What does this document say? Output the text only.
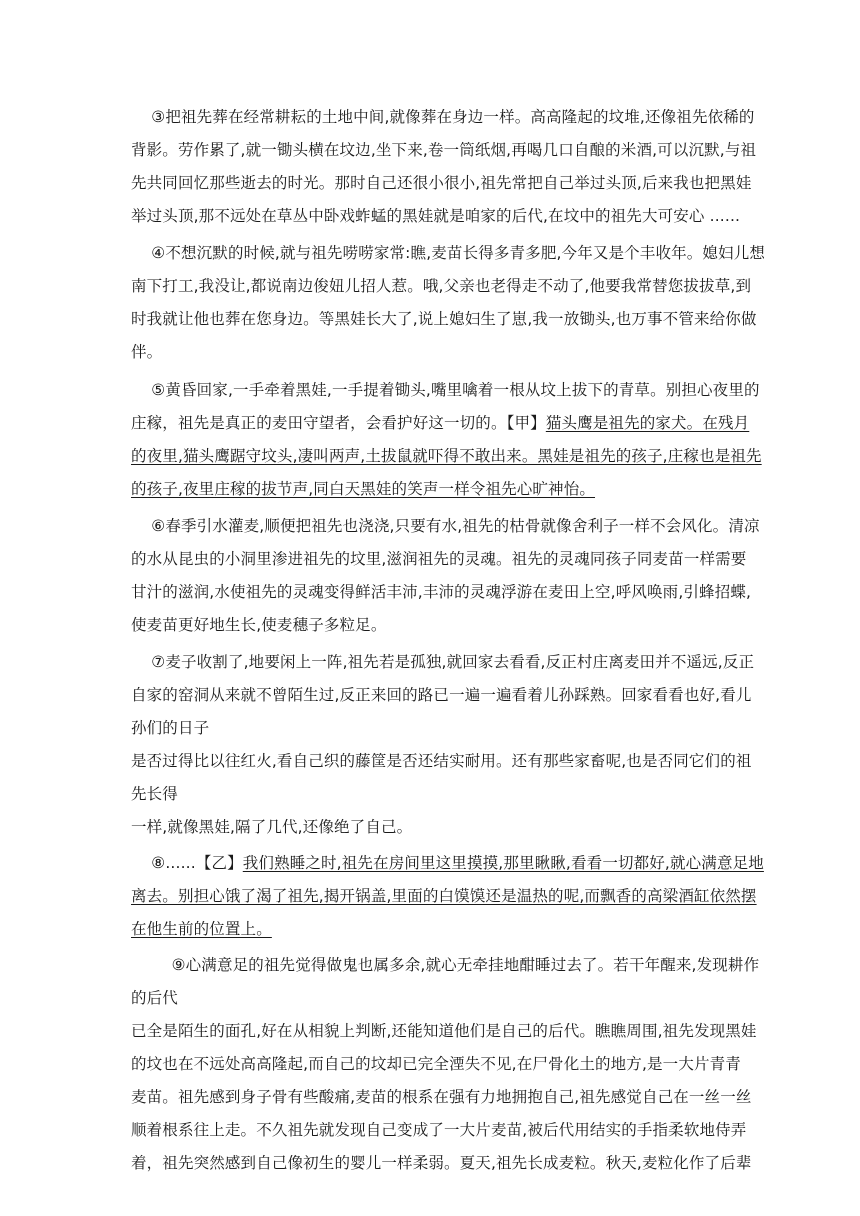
③把祖先葬在经常耕耘的土地中间,就像葬在身边一样。高高隆起的坟堆,还像祖先依稀的

背影。劳作累了,就一锄头横在坟边,坐下来,卷一筒纸烟,再喝几口自酿的米酒,可以沉默,与祖

先共同回忆那些逝去的时光。那时自己还很小很小,祖先常把自己举过头顶,后来我也把黑娃

举过头顶,那不远处在草丛中卧戏蚱蜢的黑娃就是咱家的后代,在坟中的祖先大可安心 ......

④不想沉默的时候,就与祖先唠唠家常:瞧,麦苗长得多青多肥,今年又是个丰收年。媳妇儿想

南下打工,我没让,都说南边俊妞儿招人惹。哦,父亲也老得走不动了,他要我常替您拔拔草,到

时我就让他也葬在您身边。等黑娃长大了,说上媳妇生了崽,我一放锄头,也万事不管来给你做

伴。

⑤黄昏回家,一手牵着黑娃,一手提着锄头,嘴里噙着一根从坟上拔下的青草。别担心夜里的

庄稼，祖先是真正的麦田守望者，会看护好这一切的。【甲】猫头鹰是祖先的家犬。在残月

的夜里,猫头鹰踞守坟头,凄叫两声,土拔鼠就吓得不敢出来。黑娃是祖先的孩子,庄稼也是祖先

的孩子,夜里庄稼的拔节声,同白天黑娃的笑声一样令祖先心旷神怡。

⑥春季引水灌麦,顺便把祖先也浇浇,只要有水,祖先的枯骨就像舍利子一样不会风化。清凉

的水从昆虫的小洞里渗进祖先的坟里,滋润祖先的灵魂。祖先的灵魂同孩子同麦苗一样需要

甘汁的滋润,水使祖先的灵魂变得鲜活丰沛,丰沛的灵魂浮游在麦田上空,呼风唤雨,引蜂招蝶,

使麦苗更好地生长,使麦穗子多粒足。

⑦麦子收割了,地要闲上一阵,祖先若是孤独,就回家去看看,反正村庄离麦田并不遥远,反正

自家的窑洞从来就不曾陌生过,反正来回的路已一遍一遍看着儿孙踩熟。回家看看也好,看儿

孙们的日子

是否过得比以往红火,看自己织的藤筐是否还结实耐用。还有那些家畜呢,也是否同它们的祖

先长得

一样,就像黑娃,隔了几代,还像绝了自己。

⑧......【乙】我们熟睡之时,祖先在房间里这里摸摸,那里瞅瞅,看看一切都好,就心满意足地

离去。别担心饿了渴了祖先,揭开锅盖,里面的白馍馍还是温热的呢,而飘香的高梁酒缸依然摆

在他生前的位置上。

⑨心满意足的祖先觉得做鬼也属多余,就心无牵挂地酣睡过去了。若干年醒来,发现耕作

的后代

已全是陌生的面孔,好在从相貌上判断,还能知道他们是自己的后代。瞧瞧周围,祖先发现黑娃

的坟也在不远处高高隆起,而自己的坟却已完全湮失不见,在尸骨化土的地方,是一大片青青

麦苗。祖先感到身子骨有些酸痛,麦苗的根系在强有力地拥抱自己,祖先感觉自己在一丝一丝

顺着根系往上走。不久祖先就发现自己变成了一大片麦苗,被后代用结实的手指柔软地侍弄

着，祖先突然感到自己像初生的婴儿一样柔弱。夏天,祖先长成麦粒。秋天,麦粒化作了后辈
